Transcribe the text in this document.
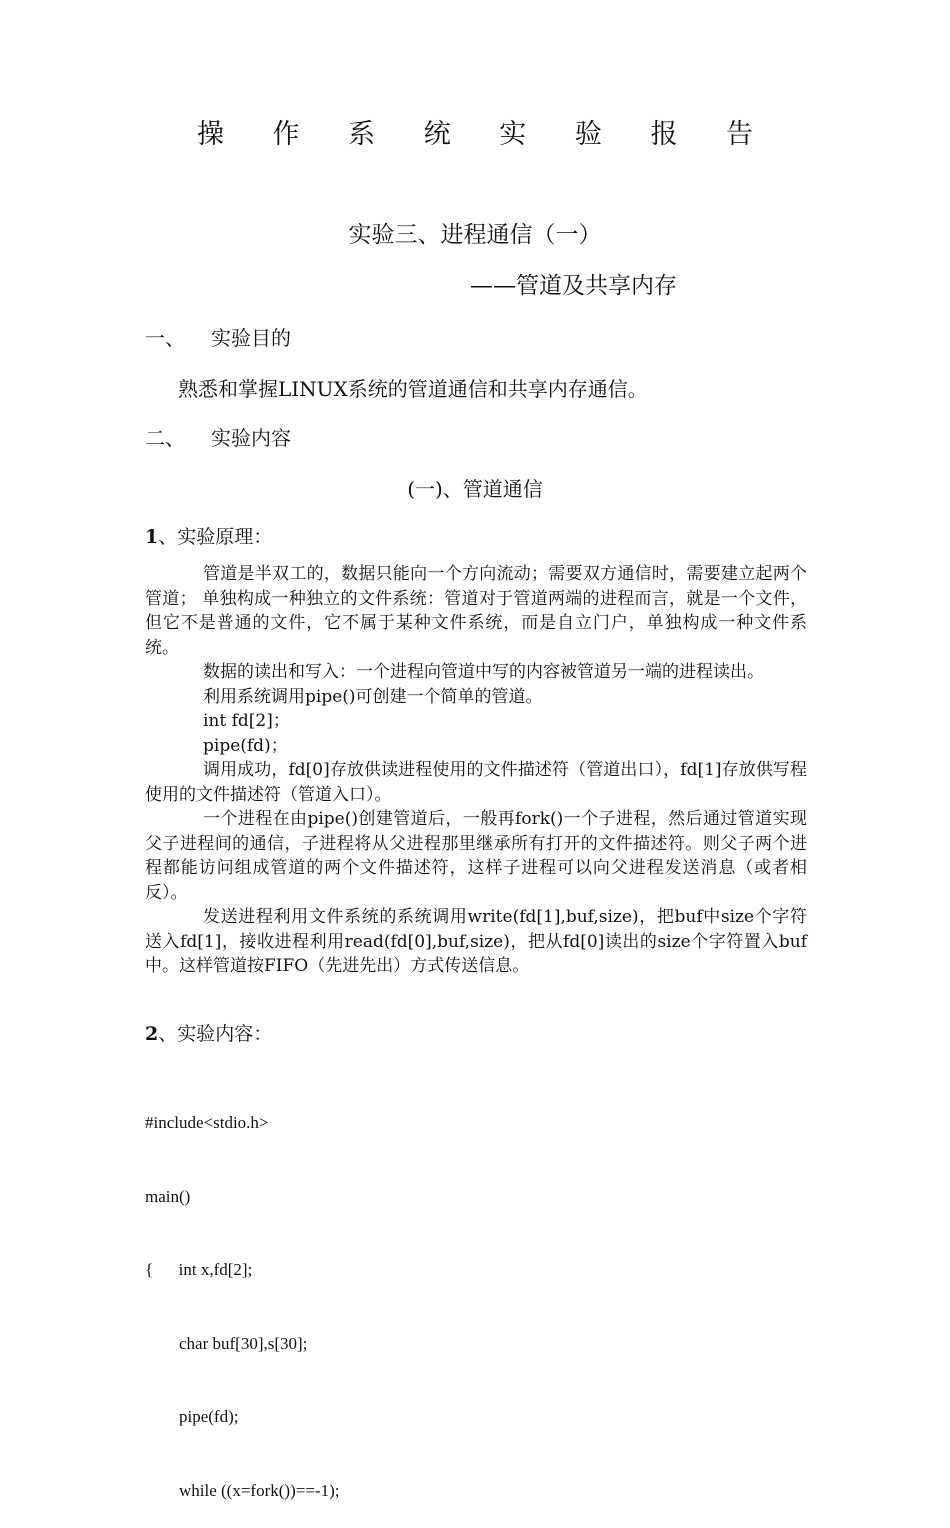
操 作 系 统 实 验 报 告
实验三、进程通信（一）
——管道及共享内存
一、 实验目的
熟悉和掌握LINUX系统的管道通信和共享内存通信。
二、 实验内容
(一)、管道通信
1、实验原理：

管道是半双工的，数据只能向一个方向流动；需要双方通信时，需要建立起两个管道； 单独构成一种独立的文件系统：管道对于管道两端的进程而言，就是一个文件，但它不是普通的文件，它不属于某种文件系统，而是自立门户，单独构成一种文件系统。

数据的读出和写入：一个进程向管道中写的内容被管道另一端的进程读出。

利用系统调用pipe()可创建一个简单的管道。

int fd[2]；

pipe(fd)；

调用成功，fd[0]存放供读进程使用的文件描述符（管道出口），fd[1]存放供写程使用的文件描述符（管道入口）。

一个进程在由pipe()创建管道后，一般再fork()一个子进程，然后通过管道实现父子进程间的通信，子进程将从父进程那里继承所有打开的文件描述符。则父子两个进程都能访问组成管道的两个文件描述符，这样子进程可以向父进程发送消息（或者相反）。

发送进程利用文件系统的系统调用write(fd[1],buf,size)，把buf中size个字符送入fd[1]，接收进程利用read(fd[0],buf,size)，把从fd[0]读出的size个字符置入buf中。这样管道按FIFO（先进先出）方式传送信息。

2、实验内容：

#include<stdio.h>

main()

{      int x,fd[2];

char buf[30],s[30];

pipe(fd);

while ((x=fork())==-1);
